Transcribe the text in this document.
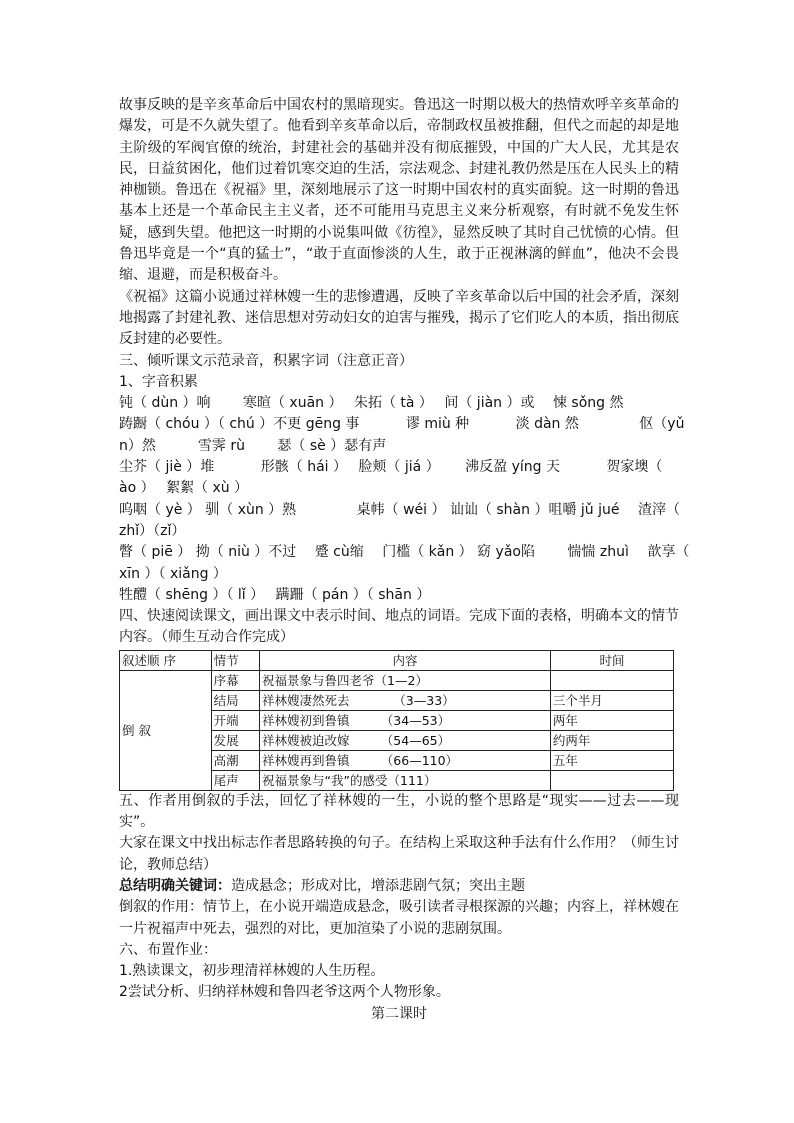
故事反映的是辛亥革命后中国农村的黑暗现实。鲁迅这一时期以极大的热情欢呼辛亥革命的爆发，可是不久就失望了。他看到辛亥革命以后，帝制政权虽被推翻，但代之而起的却是地主阶级的军阀官僚的统治，封建社会的基础并没有彻底摧毁，中国的广大人民，尤其是农民，日益贫困化，他们过着饥寒交迫的生活，宗法观念、封建礼教仍然是压在人民头上的精神枷锁。鲁迅在《祝福》里，深刻地展示了这一时期中国农村的真实面貌。这一时期的鲁迅基本上还是一个革命民主主义者，还不可能用马克思主义来分析观察，有时就不免发生怀疑，感到失望。他把这一时期的小说集叫做《彷徨》，显然反映了其时自己忧愤的心情。但鲁迅毕竟是一个“真的猛士”，“敢于直面惨淡的人生，敢于正视淋漓的鲜血”，他决不会畏缩、退避，而是积极奋斗。

《祝福》这篇小说通过祥林嫂一生的悲惨遭遇，反映了辛亥革命以后中国的社会矛盾，深刻地揭露了封建礼教、迷信思想对劳动妇女的迫害与摧残，揭示了它们吃人的本质，指出彻底反封建的必要性。

三、倾听课文示范录音，积累字词（注意正音）

1、字音积累

钝（ dùn ）响　　 寒暄（ xuān ）　 朱拓（ tà ）　 间（ jiàn ）或　 悚 sǒng 然
踌蹰（ chóu ）（ chú ）不更 gēng 事　　　 谬 miù 种　　　 淡 dàn 然　　　　 伛（yǔ
n）然　　　雪霁 rù　　 瑟（ sè ）瑟有声
尘芥（ jiè ）堆　　　 形骸（ hái ）　 脸颊（ jiá ）　　 沸反盈 yíng 天　　　 贺家墺（
ào ）　 絮絮（ xù ）
呜咽（ yè ） 驯（ xùn ）熟　　　　 桌帏（ wéi ） 讪讪（ shàn ）咀嚼 jǔ jué　 渣滓（
zhǐ）（zǐ）
瞥（ piē ） 拗（ niù ）不过　 蹙 cù缩　 门槛（ kǎn ） 窈 yǎo陷　　 惴惴 zhuì　 歆享（
xīn ）（ xiǎng ）
牲醴（ shēng ）（ lǐ ）　 蹒跚（ pán ）（ shān ）

四、快速阅读课文，画出课文中表示时间、地点的词语。完成下面的表格，明确本文的情节内容。（师生互动合作完成）

叙述顺 序	情节	内容	时间
倒 叙	序幕	祝福景象与鲁四老爷（1—2）	
	结局	祥林嫂凄然死去　　　　（3—33）	三个半月
	开端	祥林嫂初到鲁镇　　　（34—53）	两年
	发展	祥林嫂被迫改嫁　　　（54—65）	约两年
	高潮	祥林嫂再到鲁镇　　　（66—110）	五年
	尾声	祝福景象与“我”的感受（111）	

五、作者用倒叙的手法，回忆了祥林嫂的一生，小说的整个思路是“现实——过去——现实”。

大家在课文中找出标志作者思路转换的句子。在结构上采取这种手法有什么作用？（师生讨论，教师总结）

总结明确关键词：造成悬念；形成对比，增添悲剧气氛；突出主题

倒叙的作用：情节上，在小说开端造成悬念，吸引读者寻根探源的兴趣；内容上，祥林嫂在一片祝福声中死去，强烈的对比，更加渲染了小说的悲剧氛围。

六、布置作业：

1.熟读课文，初步理清祥林嫂的人生历程。

2尝试分析、归纳祥林嫂和鲁四老爷这两个人物形象。

第二课时
